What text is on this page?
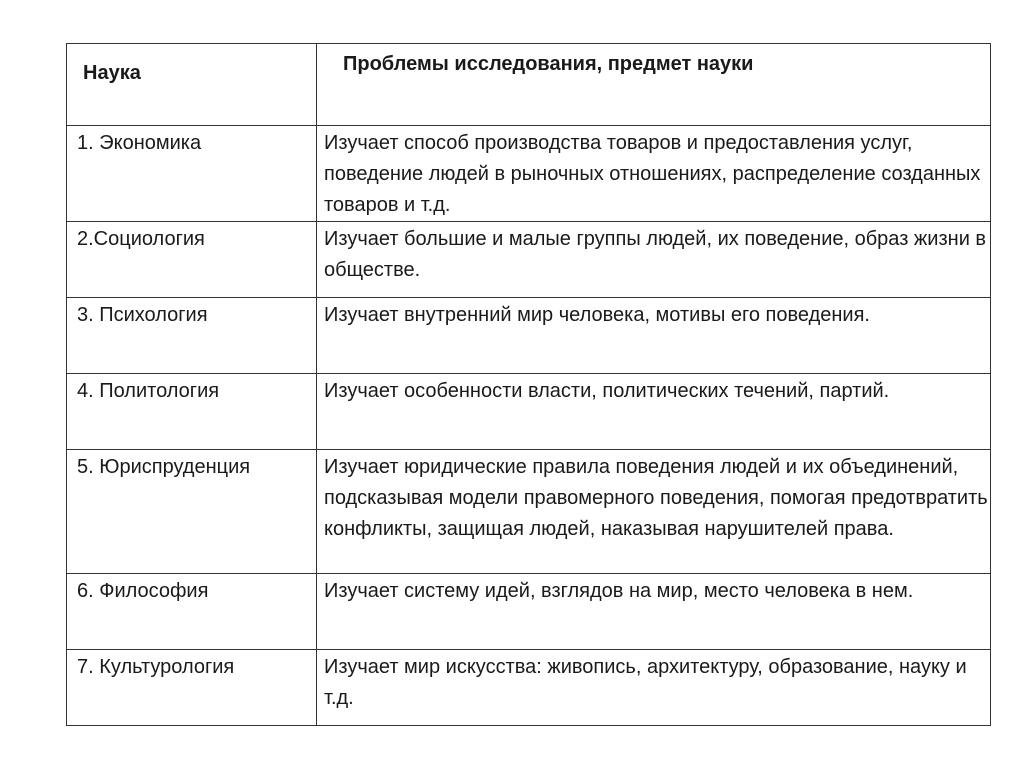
Наука	Проблемы исследования, предмет науки
1. Экономика	Изучает способ производства товаров и предоставления услуг, поведение людей в рыночных отношениях, распределение созданных товаров и т.д.
2.Социология	Изучает большие и малые группы людей, их поведение, образ жизни в обществе.
3. Психология	Изучает внутренний мир человека, мотивы его поведения.
4. Политология	Изучает особенности власти, политических течений, партий.
5. Юриспруденция	Изучает юридические правила поведения людей и их объединений, подсказывая модели правомерного поведения, помогая предотвратить конфликты, защищая людей, наказывая нарушителей права.
6. Философия	Изучает систему идей, взглядов на мир, место человека в нем.
7. Культурология	Изучает мир искусства: живопись, архитектуру, образование, науку и т.д.
